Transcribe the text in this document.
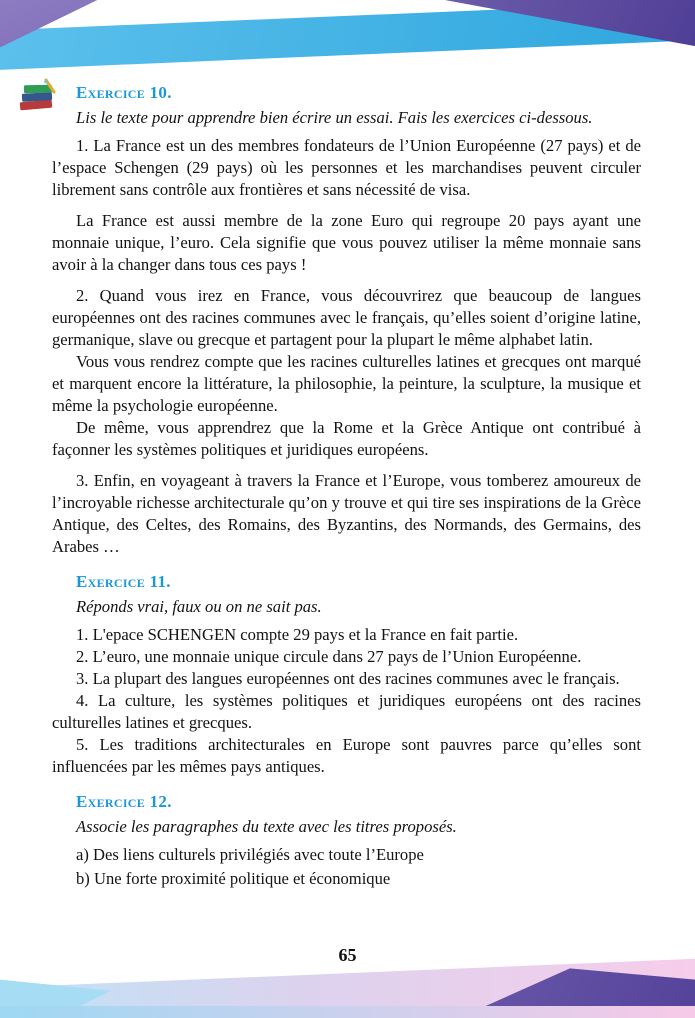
Exercice 10.

Lis le texte pour apprendre bien écrire un essai. Fais les exercices ci-dessous.

1. La France est un des membres fondateurs de l’Union Européenne (27 pays) et de l’espace Schengen (29 pays) où les personnes et les marchandises peuvent circuler librement sans contrôle aux frontières et sans nécessité de visa.

La France est aussi membre de la zone Euro qui regroupe 20 pays ayant une monnaie unique, l’euro. Cela signifie que vous pouvez utiliser la même monnaie sans avoir à la changer dans tous ces pays !

2. Quand vous irez en France, vous découvrirez que beaucoup de langues européennes ont des racines communes avec le français, qu’elles soient d’origine latine, germanique, slave ou grecque et partagent pour la plupart le même alphabet latin.

Vous vous rendrez compte que les racines culturelles latines et grecques ont marqué et marquent encore la littérature, la philosophie, la peinture, la sculpture, la musique et même la psychologie européenne.

De même, vous apprendrez que la Rome et la Grèce Antique ont contribué à façonner les systèmes politiques et juridiques européens.

3. Enfin, en voyageant à travers la France et l’Europe, vous tomberez amoureux de l’incroyable richesse architecturale qu’on y trouve et qui tire ses inspirations de la Grèce Antique, des Celtes, des Romains, des Byzantins, des Normands, des Germains, des Arabes …

Exercice 11.

Réponds vrai, faux ou on ne sait pas.

1. L'epace SCHENGEN compte 29 pays et la France en fait partie.

2. L’euro, une monnaie unique circule dans 27 pays de l’Union Européenne.

3. La plupart des langues européennes ont des racines communes avec le français.

4. La culture, les systèmes politiques et juridiques européens ont des racines culturelles latines et grecques.

5. Les traditions architecturales en Europe sont pauvres parce qu’elles sont influencées par les mêmes pays antiques.

Exercice 12.

Associe les paragraphes du texte avec les titres proposés.

a) Des liens culturels privilégiés avec toute l’Europe

b) Une forte proximité politique et économique

65
